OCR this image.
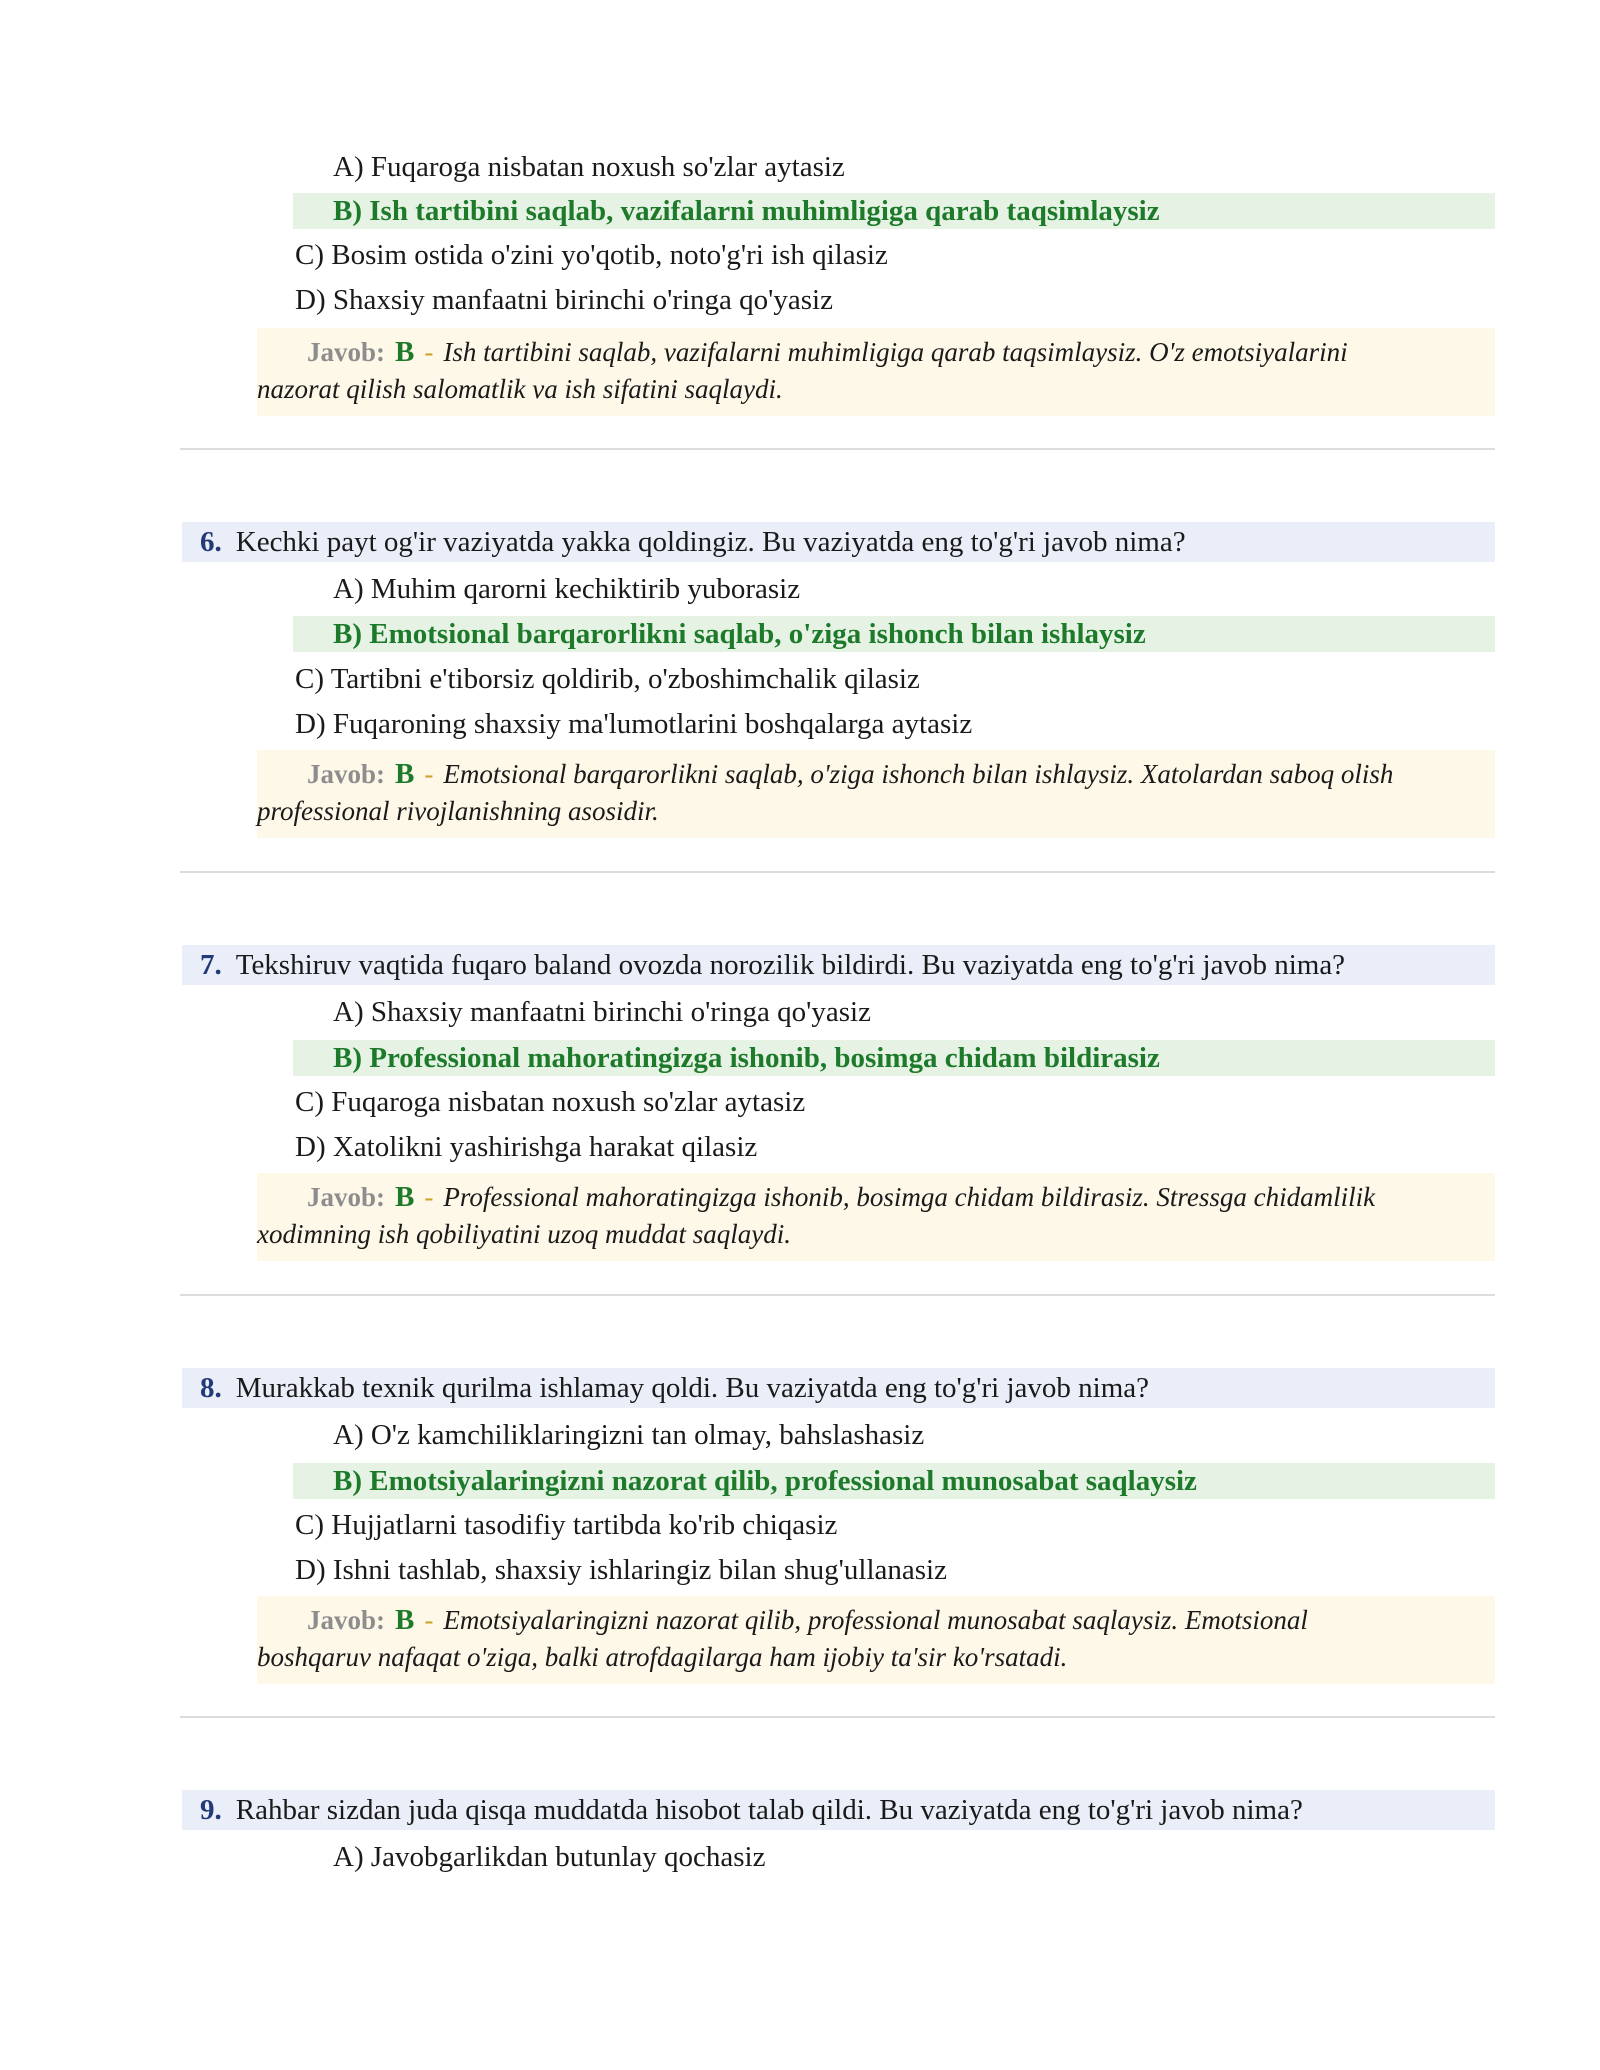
A) Fuqaroga nisbatan noxush so'zlar aytasiz
B) Ish tartibini saqlab, vazifalarni muhimligiga qarab taqsimlaysiz
C) Bosim ostida o'zini yo'qotib, noto'g'ri ish qilasiz
D) Shaxsiy manfaatni birinchi o'ringa qo'yasiz
Javob: B - Ish tartibini saqlab, vazifalarni muhimligiga qarab taqsimlaysiz. O'z emotsiyalarini
nazorat qilish salomatlik va ish sifatini saqlaydi.
6. Kechki payt og'ir vaziyatda yakka qoldingiz. Bu vaziyatda eng to'g'ri javob nima?
A) Muhim qarorni kechiktirib yuborasiz
B) Emotsional barqarorlikni saqlab, o'ziga ishonch bilan ishlaysiz
C) Tartibni e'tiborsiz qoldirib, o'zboshimchalik qilasiz
D) Fuqaroning shaxsiy ma'lumotlarini boshqalarga aytasiz
Javob: B - Emotsional barqarorlikni saqlab, o'ziga ishonch bilan ishlaysiz. Xatolardan saboq olish
professional rivojlanishning asosidir.
7. Tekshiruv vaqtida fuqaro baland ovozda norozilik bildirdi. Bu vaziyatda eng to'g'ri javob nima?
A) Shaxsiy manfaatni birinchi o'ringa qo'yasiz
B) Professional mahoratingizga ishonib, bosimga chidam bildirasiz
C) Fuqaroga nisbatan noxush so'zlar aytasiz
D) Xatolikni yashirishga harakat qilasiz
Javob: B - Professional mahoratingizga ishonib, bosimga chidam bildirasiz. Stressga chidamlilik
xodimning ish qobiliyatini uzoq muddat saqlaydi.
8. Murakkab texnik qurilma ishlamay qoldi. Bu vaziyatda eng to'g'ri javob nima?
A) O'z kamchiliklaringizni tan olmay, bahslashasiz
B) Emotsiyalaringizni nazorat qilib, professional munosabat saqlaysiz
C) Hujjatlarni tasodifiy tartibda ko'rib chiqasiz
D) Ishni tashlab, shaxsiy ishlaringiz bilan shug'ullanasiz
Javob: B - Emotsiyalaringizni nazorat qilib, professional munosabat saqlaysiz. Emotsional
boshqaruv nafaqat o'ziga, balki atrofdagilarga ham ijobiy ta'sir ko'rsatadi.
9. Rahbar sizdan juda qisqa muddatda hisobot talab qildi. Bu vaziyatda eng to'g'ri javob nima?
A) Javobgarlikdan butunlay qochasiz
